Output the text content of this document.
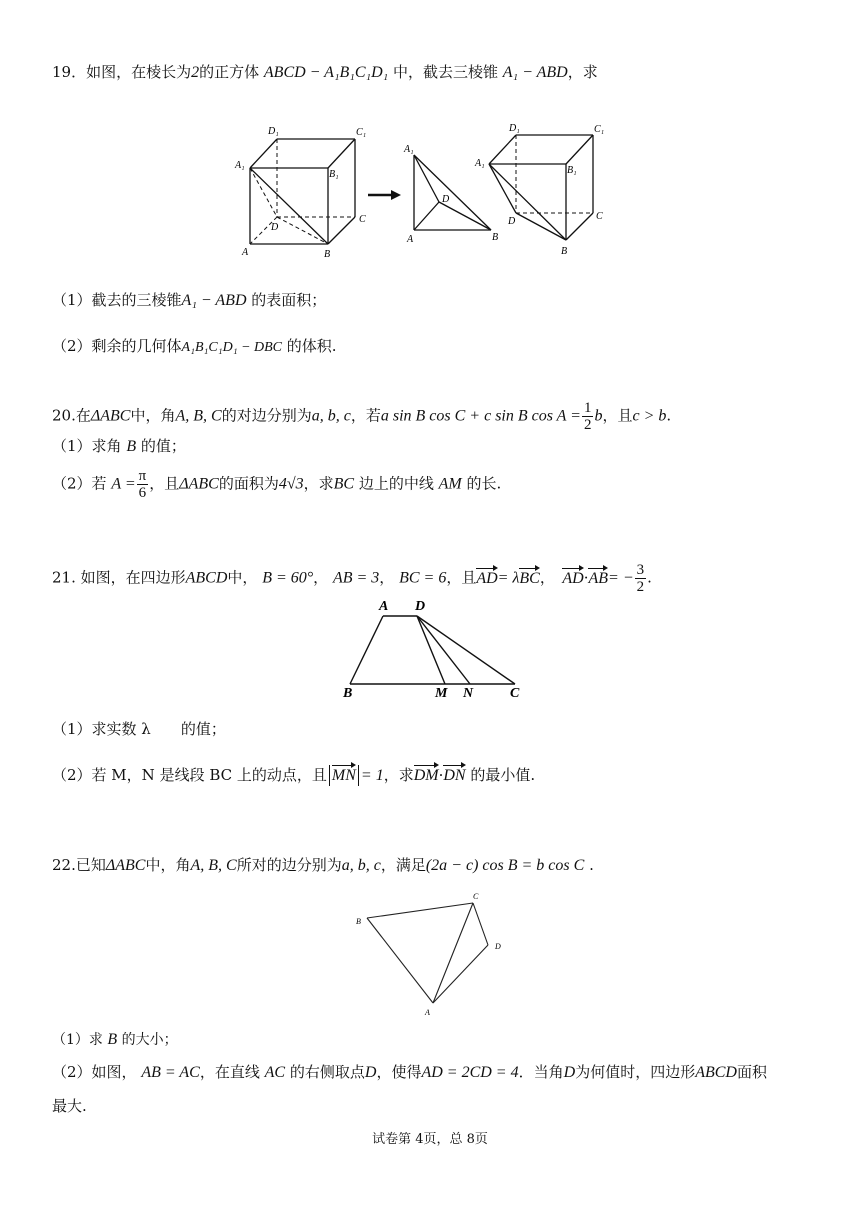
19．如图，在棱长为2的正方体 ABCD − A₁B₁C₁D₁ 中，截去三棱锥 A₁ − ABD，求
D₁	C₁
A₁
B₁
D
C
A	B
A₁
D
A	B
D₁	C₁
A₁
B₁
D	C
B
（1）截去的三棱锥A₁ − ABD 的表面积；
（2）剩余的几何体A₁B₁C₁D₁ − DBC 的体积.
20.在ΔABC中，角A, B, C的对边分别为a, b, c，若a sin B cos C + c sin B $\cos A = \frac{1}{2}$ b，且c > b.
（1）求角 B 的值；
（2）若 $A = \frac{\pi}{6}$ ，且ΔABC的面积为4√3，求BC 边上的中线 AM 的长.
21. 如图，在四边形ABCD中， B = 60°， AB = 3， BC = 6，且AD= λBC，　$AD\cdot AB= - \frac{3}{2}$ .
A D
B	M N	C
（1）求实数 λ　　的值；
（2）若 M，N 是线段 BC 上的动点，且 MN = 1，求DM·DN 的最小值.
22.已知ΔABC中，角A, B, C所对的边分别为a, b, c，满足(2a − c) cos B = b cos C .
B
C
D
A
（1）求 B 的大小；
（2）如图， AB = AC，在直线 AC 的右侧取点D，使得AD = 2CD = 4．当角D为何值时，四边形ABCD面积
最大.
试卷第 4页，总 8页
